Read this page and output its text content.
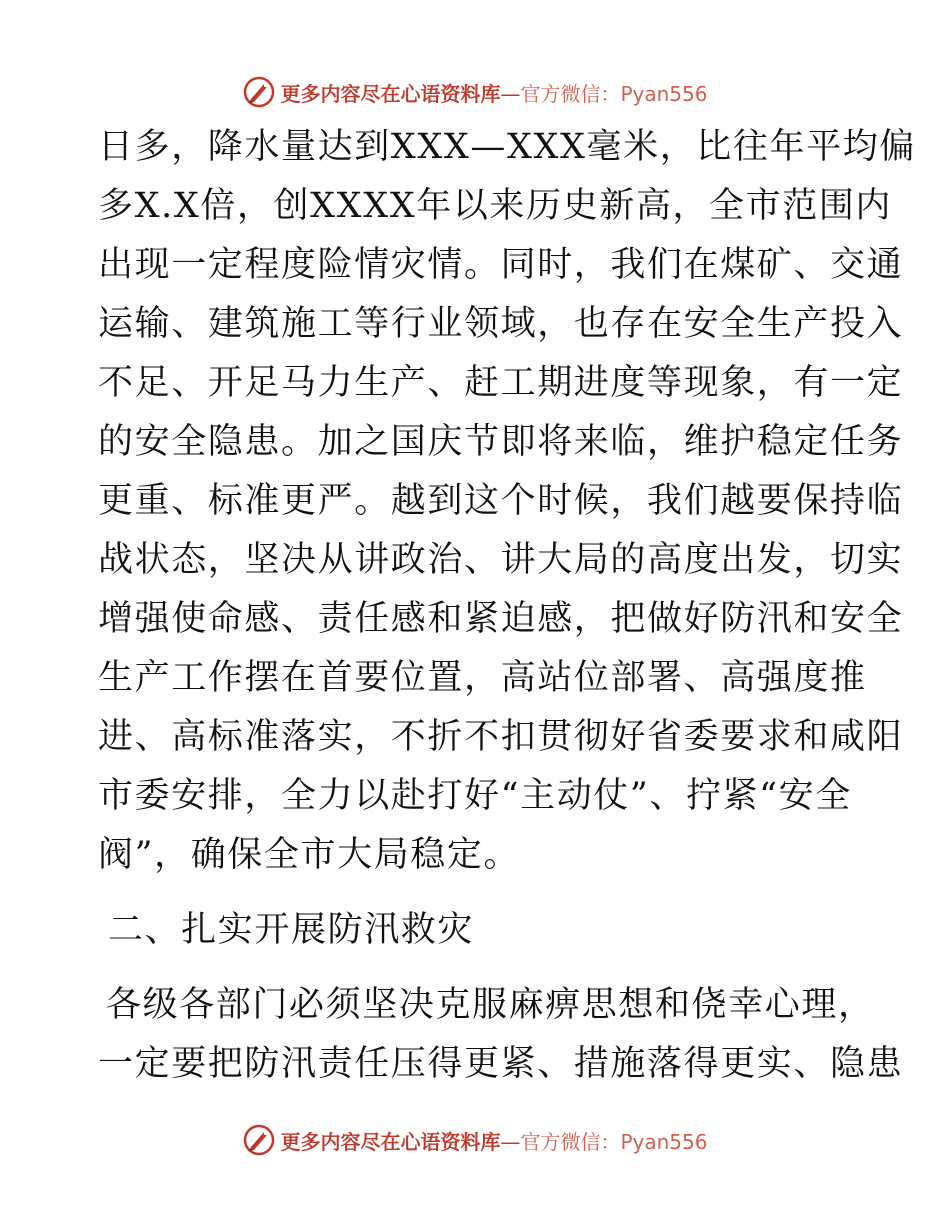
更多内容尽在心语资料库—官方微信：Pyan556
日多，降水量达到XXX—XXX毫米，比往年平均偏
多X.X倍，创XXXX年以来历史新高，全市范围内
出现一定程度险情灾情。同时，我们在煤矿、交通
运输、建筑施工等行业领域，也存在安全生产投入
不足、开足马力生产、赶工期进度等现象，有一定
的安全隐患。加之国庆节即将来临，维护稳定任务
更重、标准更严。越到这个时候，我们越要保持临
战状态，坚决从讲政治、讲大局的高度出发，切实
增强使命感、责任感和紧迫感，把做好防汛和安全
生产工作摆在首要位置，高站位部署、高强度推
进、高标准落实，不折不扣贯彻好省委要求和咸阳
市委安排，全力以赴打好“主动仗”、拧紧“安全
阀”，确保全市大局稳定。
二、扎实开展防汛救灾
各级各部门必须坚决克服麻痹思想和侥幸心理，
一定要把防汛责任压得更紧、措施落得更实、隐患
更多内容尽在心语资料库—官方微信：Pyan556
